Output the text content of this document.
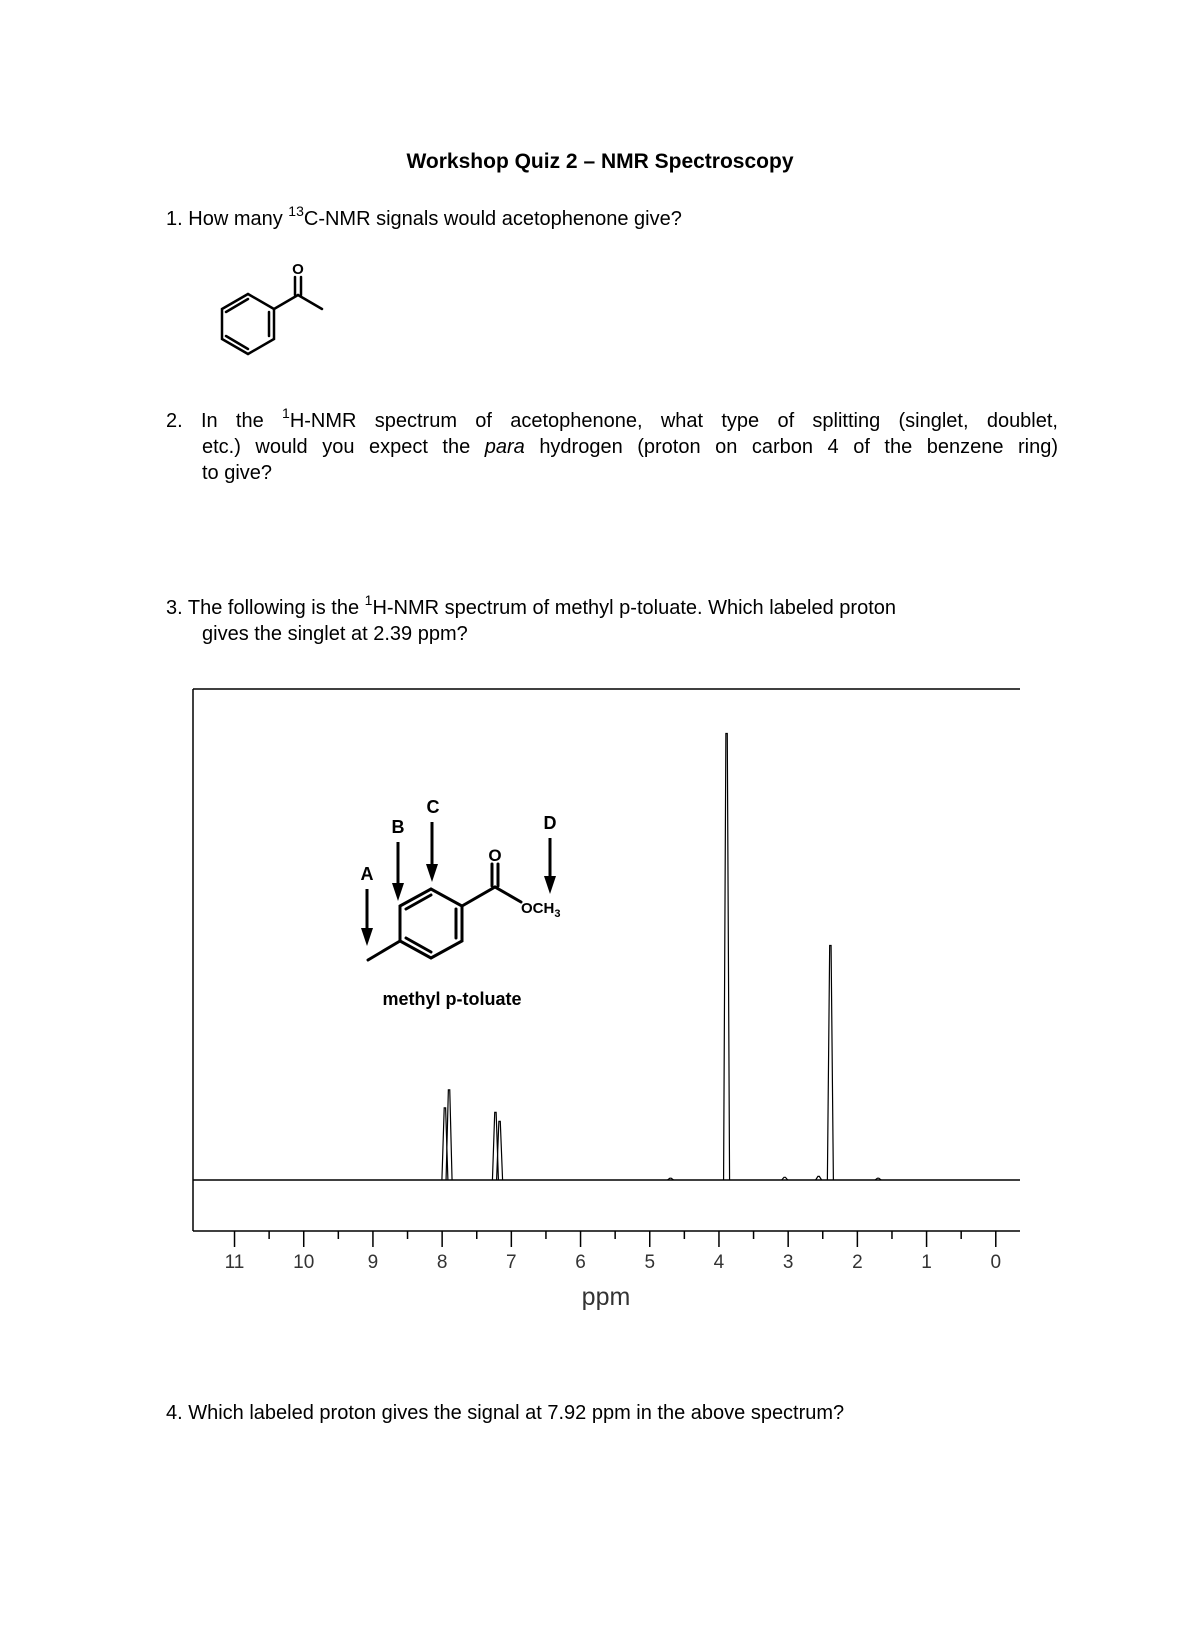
Workshop Quiz 2 – NMR Spectroscopy
1. How many $^{13}$C-NMR signals would acetophenone give?
O
2. In the $^1$H-NMR spectrum of acetophenone, what type of splitting (singlet, doublet,
etc.) would you expect the para hydrogen (proton on carbon 4 of the benzene ring)
to give?
3. The following is the $^1$H-NMR spectrum of methyl p-toluate. Which labeled proton
gives the singlet at 2.39 ppm?
11	10	9	8	7	6	5	4	3	2	1	0
ppm
O
$OCH_3$
A
B
C
D
methyl p-toluate
4. Which labeled proton gives the signal at 7.92 ppm in the above spectrum?
